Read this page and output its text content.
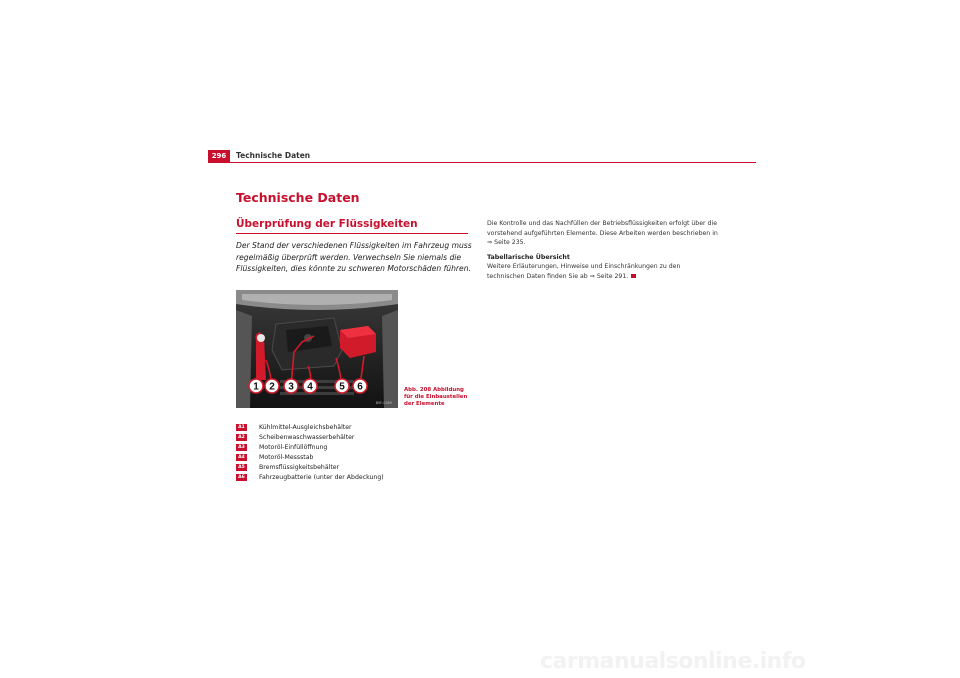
296	Technische Daten
Technische Daten
Überprüfung der Flüssigkeiten

Der Stand der verschiedenen Flüssigkeiten im Fahrzeug muss regelmäßig überprüft werden. Verwechseln Sie niemals die Flüssigkeiten, dies könnte zu schweren Motorschäden führen.

1 2 3 4	5 6
B5F-0389
Abb. 208 Abbildung für die Einbaustellen der Elemente
A1	Kühlmittel-Ausgleichsbehälter
A2	Scheibenwaschwasserbehälter
A3	Motoröl-Einfüllöffnung
A4	Motoröl-Messstab
A5	Bremsflüssigkeitsbehälter
A6	Fahrzeugbatterie (unter der Abdeckung)

Die Kontrolle und das Nachfüllen der Betriebsflüssigkeiten erfolgt über die vorstehend aufgeführten Elemente. Diese Arbeiten werden beschrieben in

⇒ Seite 235.

Tabellarische Übersicht

Weitere Erläuterungen, Hinweise und Einschränkungen zu den technischen Daten finden Sie ab ⇒ Seite 291.

carmanualsonline.info
